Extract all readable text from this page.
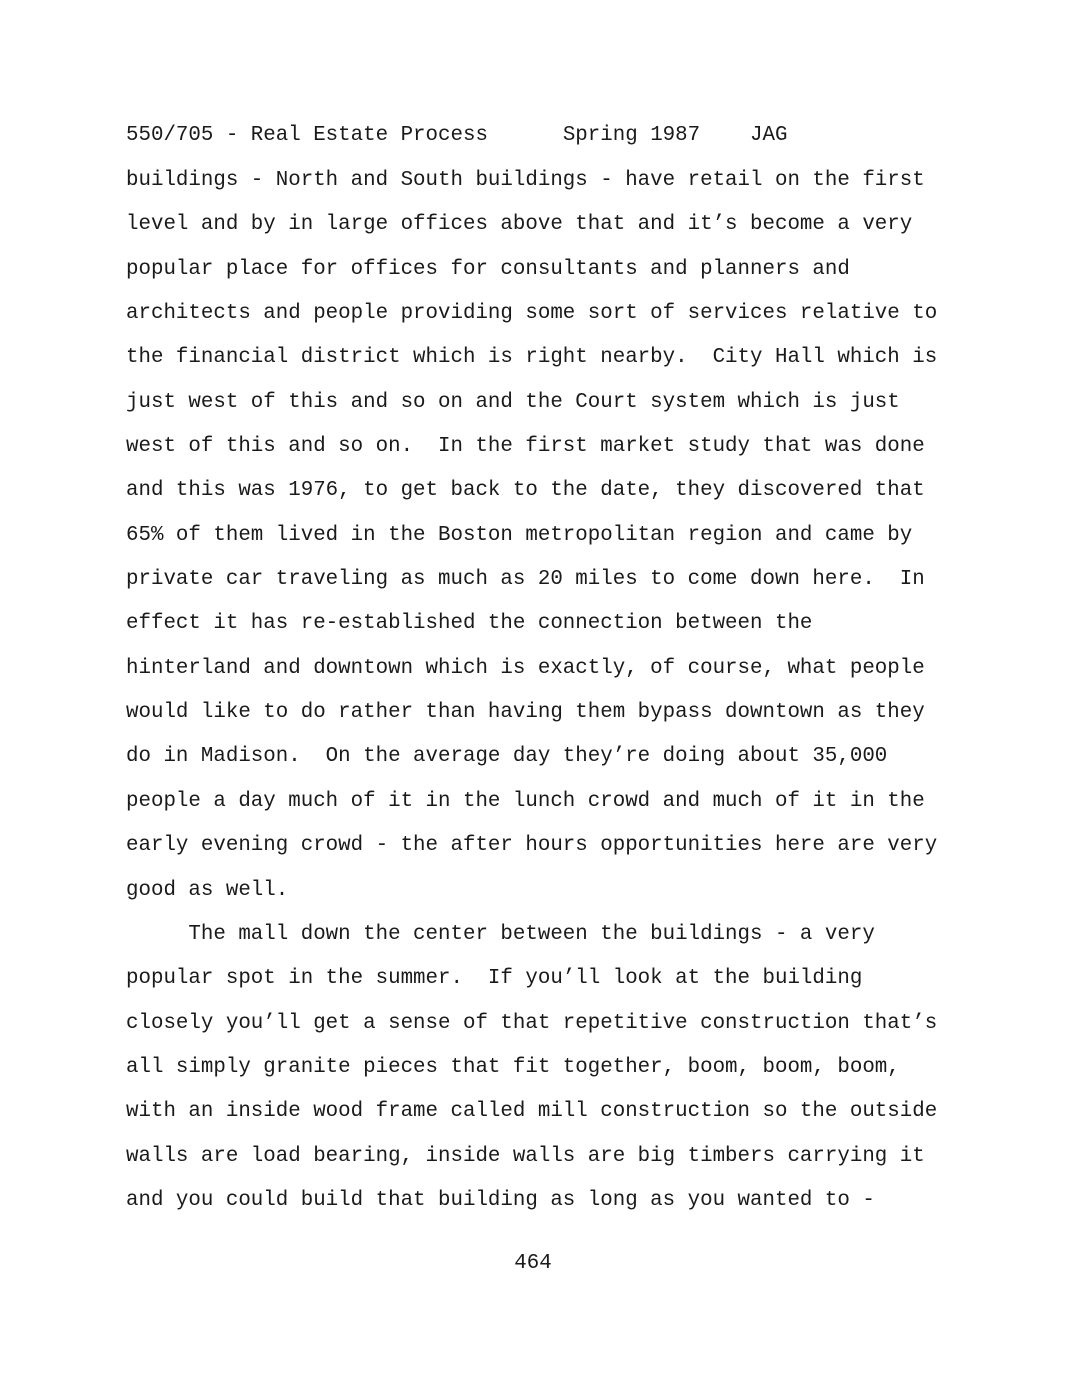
550/705 - Real Estate Process	Spring 1987 JAG
buildings - North and South buildings - have retail on the first
level and by in large offices above that and it’s become a very
popular place for offices for consultants and planners and
architects and people providing some sort of services relative to
the financial district which is right nearby.  City Hall which is
just west of this and so on and the Court system which is just
west of this and so on.  In the first market study that was done
and this was 1976, to get back to the date, they discovered that
65% of them lived in the Boston metropolitan region and came by
private car traveling as much as 20 miles to come down here.  In
effect it has re-established the connection between the
hinterland and downtown which is exactly, of course, what people
would like to do rather than having them bypass downtown as they
do in Madison.  On the average day they’re doing about 35,000
people a day much of it in the lunch crowd and much of it in the
early evening crowd - the after hours opportunities here are very
good as well.
The mall down the center between the buildings - a very
popular spot in the summer.  If you’ll look at the building
closely you’ll get a sense of that repetitive construction that’s
all simply granite pieces that fit together, boom, boom, boom,
with an inside wood frame called mill construction so the outside
walls are load bearing, inside walls are big timbers carrying it
and you could build that building as long as you wanted to -
464
